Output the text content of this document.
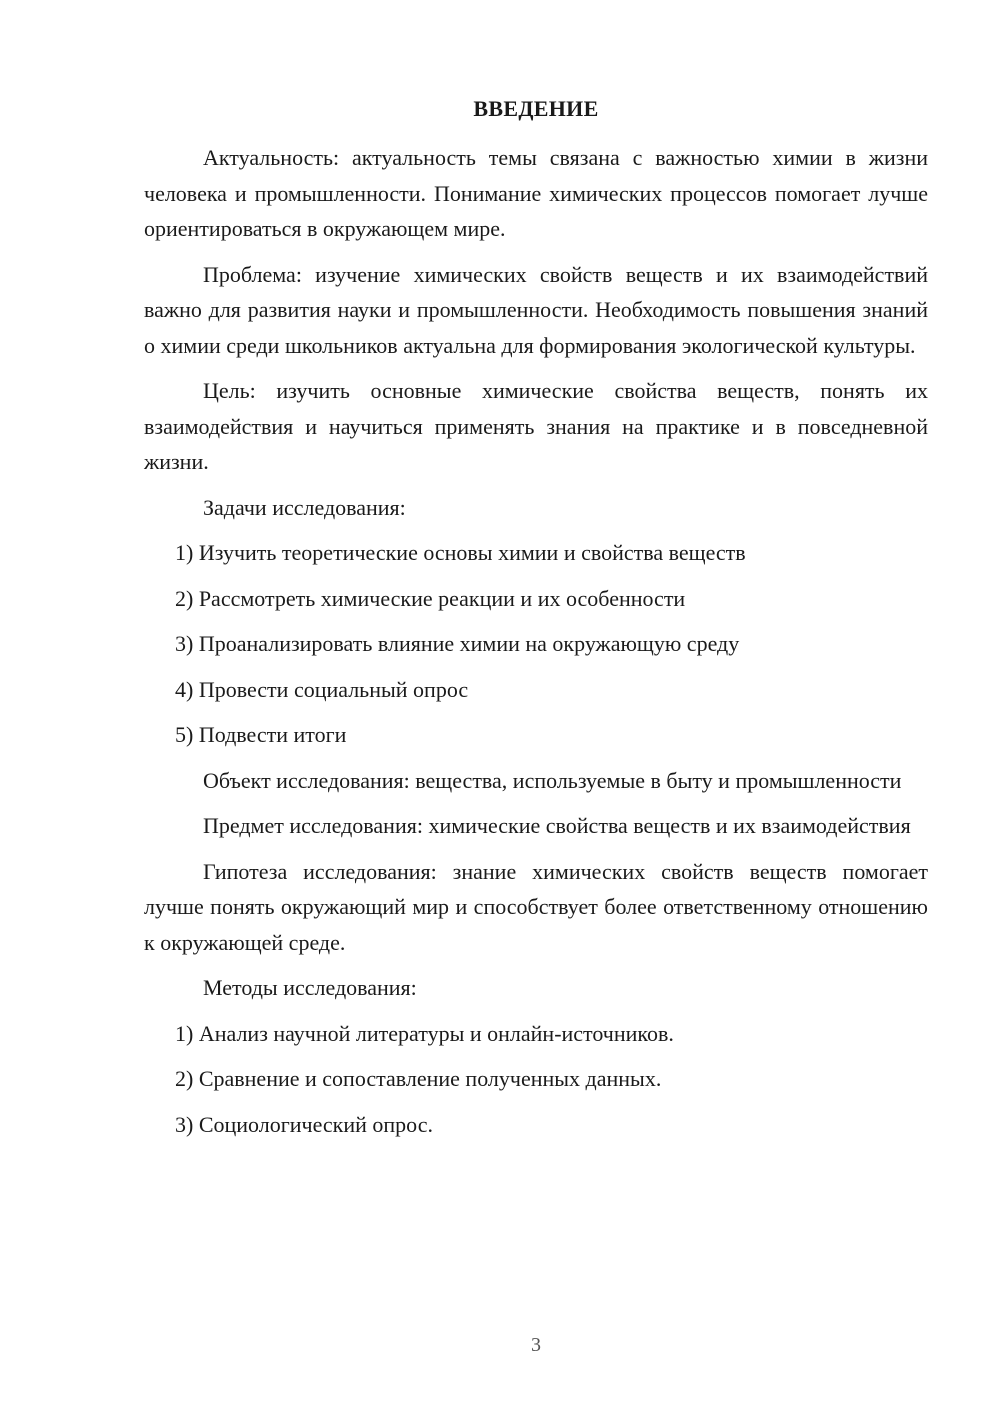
ВВЕДЕНИЕ
Актуальность: актуальность темы связана с важностью химии в жизни человека и промышленности. Понимание химических процессов помогает лучше ориентироваться в окружающем мире.
Проблема: изучение химических свойств веществ и их взаимодействий важно для развития науки и промышленности. Необходимость повышения знаний о химии среди школьников актуальна для формирования экологической культуры.
Цель: изучить основные химические свойства веществ, понять их взаимодействия и научиться применять знания на практике и в повседневной жизни.
Задачи исследования:
1) Изучить теоретические основы химии и свойства веществ
2) Рассмотреть химические реакции и их особенности
3) Проанализировать влияние химии на окружающую среду
4) Провести социальный опрос
5) Подвести итоги
Объект исследования: вещества, используемые в быту и промышленности
Предмет исследования: химические свойства веществ и их взаимодействия
Гипотеза исследования: знание химических свойств веществ помогает лучше понять окружающий мир и способствует более ответственному отношению к окружающей среде.
Методы исследования:
1) Анализ научной литературы и онлайн-источников.
2) Сравнение и сопоставление полученных данных.
3) Социологический опрос.
3
